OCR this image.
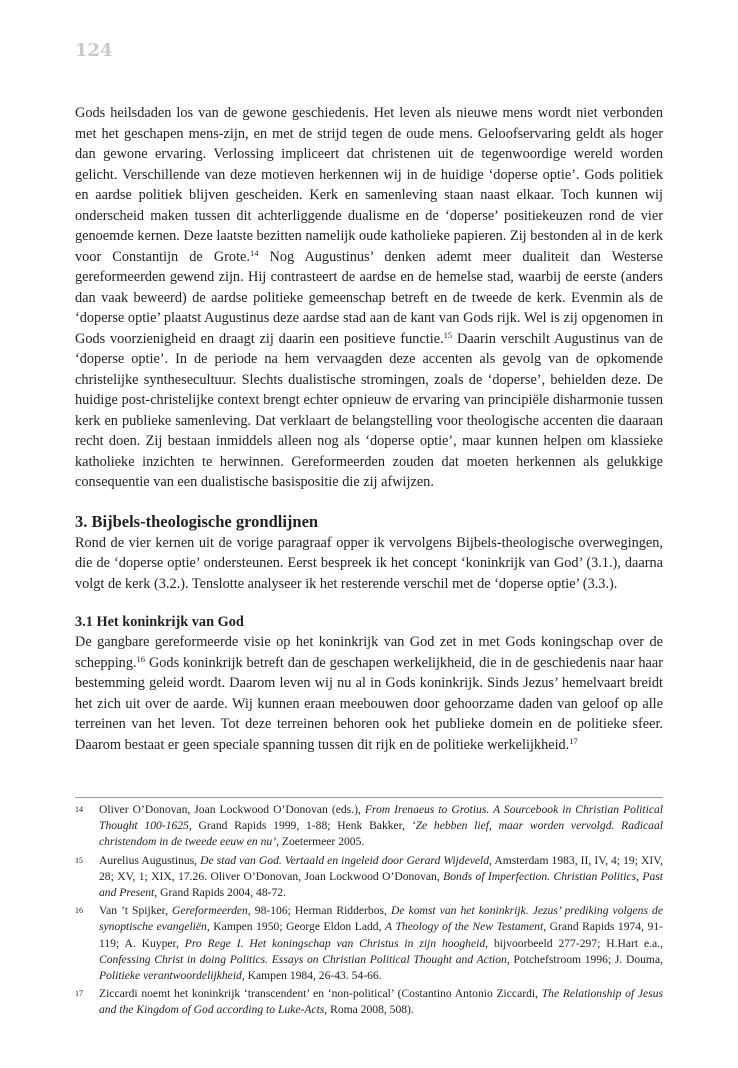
124

Gods heilsdaden los van de gewone geschiedenis. Het leven als nieuwe mens wordt niet verbonden met het geschapen mens-zijn, en met de strijd tegen de oude mens. Geloofservaring geldt als hoger dan gewone ervaring. Verlossing impliceert dat christenen uit de tegenwoordige wereld worden gelicht. Verschillende van deze motieven herkennen wij in de huidige ‘doperse optie’. Gods politiek en aardse politiek blijven gescheiden. Kerk en samenleving staan naast elkaar. Toch kunnen wij onderscheid maken tussen dit achterliggende dualisme en de ‘doperse’ positiekeuzen rond de vier genoemde kernen. Deze laatste bezitten namelijk oude katholieke papieren. Zij bestonden al in de kerk voor Constantijn de Grote.$^{14}$ Nog Augustinus’ denken ademt meer dualiteit dan Westerse gereformeerden gewend zijn. Hij contrasteert de aardse en de hemelse stad, waarbij de eerste (anders dan vaak beweerd) de aardse politieke gemeenschap betreft en de tweede de kerk. Evenmin als de ‘doperse optie’ plaatst Augustinus deze aardse stad aan de kant van Gods rijk. Wel is zij opgenomen in Gods voorzienigheid en draagt zij daarin een positieve functie.$^{15}$ Daarin verschilt Augustinus van de ‘doperse optie’. In de periode na hem vervaagden deze accenten als gevolg van de opkomende christelijke synthesecultuur. Slechts dualistische stromingen, zoals de ‘doperse’, behielden deze. De huidige post-christelijke context brengt echter opnieuw de ervaring van principiële disharmonie tussen kerk en publieke samenleving. Dat verklaart de belangstelling voor theologische accenten die daaraan recht doen. Zij bestaan inmiddels alleen nog als ‘doperse optie’, maar kunnen helpen om klassieke katholieke inzichten te herwinnen. Gereformeerden zouden dat moeten herkennen als gelukkige consequentie van een dualistische basispositie die zij afwijzen.

3. Bijbels-theologische grondlijnen

Rond de vier kernen uit de vorige paragraaf opper ik vervolgens Bijbels-theologische overwegingen, die de ‘doperse optie’ ondersteunen. Eerst bespreek ik het concept ‘koninkrijk van God’ (3.1.), daarna volgt de kerk (3.2.). Tenslotte analyseer ik het resterende verschil met de ‘doperse optie’ (3.3.).

3.1 Het koninkrijk van God

De gangbare gereformeerde visie op het koninkrijk van God zet in met Gods koningschap over de schepping.$^{16}$ Gods koninkrijk betreft dan de geschapen werkelijkheid, die in de geschiedenis naar haar bestemming geleid wordt. Daarom leven wij nu al in Gods koninkrijk. Sinds Jezus’ hemelvaart breidt het zich uit over de aarde. Wij kunnen eraan meebouwen door gehoorzame daden van geloof op alle terreinen van het leven. Tot deze terreinen behoren ook het publieke domein en de politieke sfeer. Daarom bestaat er geen speciale spanning tussen dit rijk en de politieke werkelijkheid.$^{17}$

14	Oliver O’Donovan, Joan Lockwood O’Donovan (eds.), From Irenaeus to Grotius. A Sourcebook in Christian Political Thought 100-1625, Grand Rapids 1999, 1-88; Henk Bakker, ‘Ze hebben lief, maar worden vervolgd. Radicaal christendom in de tweede eeuw en nu’, Zoetermeer 2005.
15	Aurelius Augustinus, De stad van God. Vertaald en ingeleid door Gerard Wijdeveld, Amsterdam 1983, II, IV, 4; 19; XIV, 28; XV, 1; XIX, 17.26. Oliver O’Donovan, Joan Lockwood O’Donovan, Bonds of Imperfection. Christian Politics, Past and Present, Grand Rapids 2004, 48-72.
16	Van ’t Spijker, Gereformeerden, 98-106; Herman Ridderbos, De komst van het koninkrijk. Jezus’ prediking volgens de synoptische evangeliën, Kampen 1950; George Eldon Ladd, A Theology of the New Testament, Grand Rapids 1974, 91-119; A. Kuyper, Pro Rege I. Het koningschap van Christus in zijn hoogheid, bijvoorbeeld 277-297; H.Hart e.a., Confessing Christ in doing Politics. Essays on Christian Political Thought and Action, Potchefstroom 1996; J. Douma, Politieke verantwoordelijkheid, Kampen 1984, 26-43. 54-66.
17	Ziccardi noemt het koninkrijk ‘transcendent’ en ‘non-political’ (Costantino Antonio Ziccardi, The Relationship of Jesus and the Kingdom of God according to Luke-Acts, Roma 2008, 508).
